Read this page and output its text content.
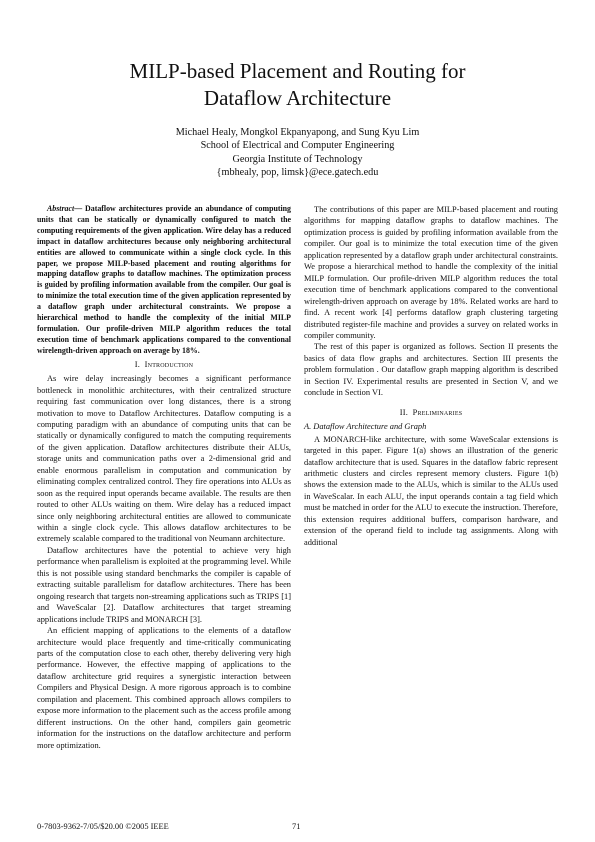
MILP-based Placement and Routing for
Dataflow Architecture
Michael Healy, Mongkol Ekpanyapong, and Sung Kyu Lim
School of Electrical and Computer Engineering
Georgia Institute of Technology
{mbhealy, pop, limsk}@ece.gatech.edu

Abstract— Dataflow architectures provide an abundance of computing units that can be statically or dynamically configured to match the computing requirements of the given application. Wire delay has a reduced impact in dataflow architectures because only neighboring architectural entities are allowed to communicate within a single clock cycle. In this paper, we propose MILP-based placement and routing algorithms for mapping dataflow graphs to dataflow machines. The optimization process is guided by profiling information available from the compiler. Our goal is to minimize the total execution time of the given application represented by a dataflow graph under architectural constraints. We propose a hierarchical method to handle the complexity of the initial MILP formulation. Our profile-driven MILP algorithm reduces the total execution time of benchmark applications compared to the conventional wirelength-driven approach on average by 18%.

I. Introduction

As wire delay increasingly becomes a significant performance bottleneck in monolithic architectures, with their centralized structure requiring fast communication over long distances, there is a strong motivation to move to Dataflow Architectures. Dataflow computing is a computing paradigm with an abundance of computing units that can be statically or dynamically configured to match the computing requirements of the given application. Dataflow architectures distribute their ALUs, storage units and communication paths over a 2-dimensional grid and enable enormous parallelism in computation and communication by eliminating complex centralized control. They fire operations into ALUs as soon as the required input operands became available. The results are then routed to other ALUs waiting on them. Wire delay has a reduced impact since only neighboring architectural entities are allowed to communicate within a single clock cycle. This allows dataflow architectures to be extremely scalable compared to the traditional von Neumann architecture.

Dataflow architectures have the potential to achieve very high performance when parallelism is exploited at the programming level. While this is not possible using standard benchmarks the compiler is capable of extracting suitable parallelism for dataflow architectures. There has been ongoing research that targets non-streaming applications such as TRIPS [1] and WaveScalar [2]. Dataflow architectures that target streaming applications include TRIPS and MONARCH [3].

An efficient mapping of applications to the elements of a dataflow architecture would place frequently and time-critically communicating parts of the computation close to each other, thereby delivering very high performance. However, the effective mapping of applications to the dataflow architecture grid requires a synergistic interaction between Compilers and Physical Design. A more rigorous approach is to combine compilation and placement. This combined approach allows compilers to expose more information to the placement such as the access profile among different instructions. On the other hand, compilers gain geometric information for the instructions on the dataflow architecture and perform more optimization.

The contributions of this paper are MILP-based placement and routing algorithms for mapping dataflow graphs to dataflow machines. The optimization process is guided by profiling information available from the compiler. Our goal is to minimize the total execution time of the given application represented by a dataflow graph under architectural constraints. We propose a hierarchical method to handle the complexity of the initial MILP formulation. Our profile-driven MILP algorithm reduces the total execution time of benchmark applications compared to the conventional wirelength-driven approach on average by 18%. Related works are hard to find. A recent work [4] performs dataflow graph clustering targeting distributed register-file machine and provides a survey on related works in compiler community.

The rest of this paper is organized as follows. Section II presents the basics of data flow graphs and architectures. Section III presents the problem formulation . Our dataflow graph mapping algorithm is described in Section IV. Experimental results are presented in Section V, and we conclude in Section VI.

II. Preliminaries
A. Dataflow Architecture and Graph

A MONARCH-like architecture, with some WaveScalar extensions is targeted in this paper. Figure 1(a) shows an illustration of the generic dataflow architecture that is used. Squares in the dataflow fabric represent arithmetic clusters and circles represent memory clusters. Figure 1(b) shows the extension made to the ALUs, which is similar to the ALUs used in WaveScalar. In each ALU, the input operands contain a tag field which must be matched in order for the ALU to execute the instruction. Therefore, this extension requires additional buffers, comparison hardware, and extension of the operand field to include tag assignments. Along with additional

0-7803-9362-7/05/$20.00 ©2005 IEEE	71
